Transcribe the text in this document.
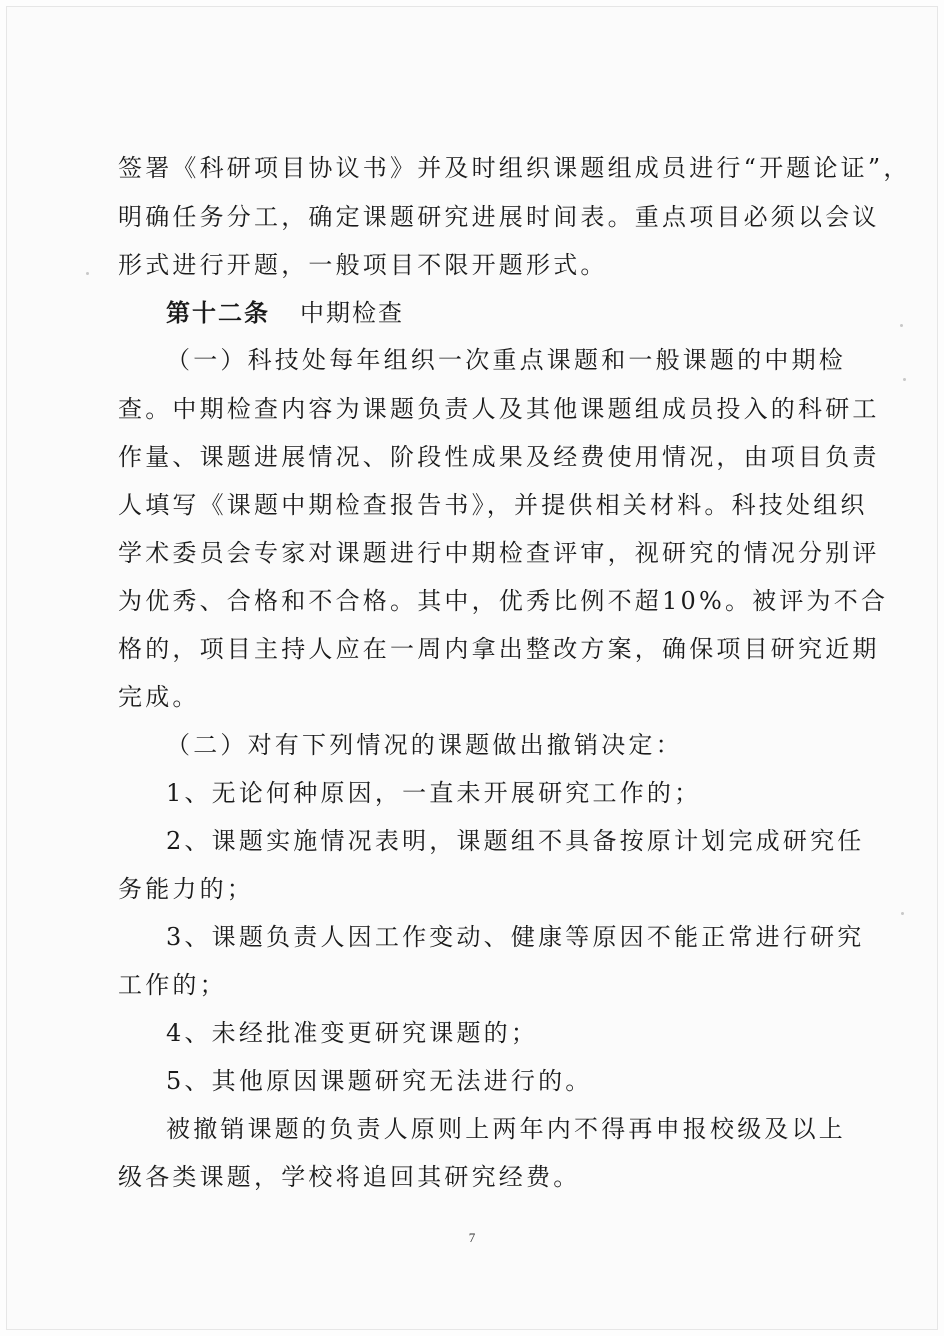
签署《科研项目协议书》并及时组织课题组成员进行“开题论证”，
明确任务分工，确定课题研究进展时间表。重点项目必须以会议
形式进行开题，一般项目不限开题形式。
第十二条 中期检查
（一）科技处每年组织一次重点课题和一般课题的中期检
查。中期检查内容为课题负责人及其他课题组成员投入的科研工
作量、课题进展情况、阶段性成果及经费使用情况，由项目负责
人填写《课题中期检查报告书》，并提供相关材料。科技处组织
学术委员会专家对课题进行中期检查评审，视研究的情况分别评
为优秀、合格和不合格。其中，优秀比例不超10%。被评为不合
格的，项目主持人应在一周内拿出整改方案，确保项目研究近期
完成。
（二）对有下列情况的课题做出撤销决定：
1、无论何种原因，一直未开展研究工作的；
2、课题实施情况表明，课题组不具备按原计划完成研究任
务能力的；
3、课题负责人因工作变动、健康等原因不能正常进行研究
工作的；
4、未经批准变更研究课题的；
5、其他原因课题研究无法进行的。
被撤销课题的负责人原则上两年内不得再申报校级及以上
级各类课题，学校将追回其研究经费。
7
